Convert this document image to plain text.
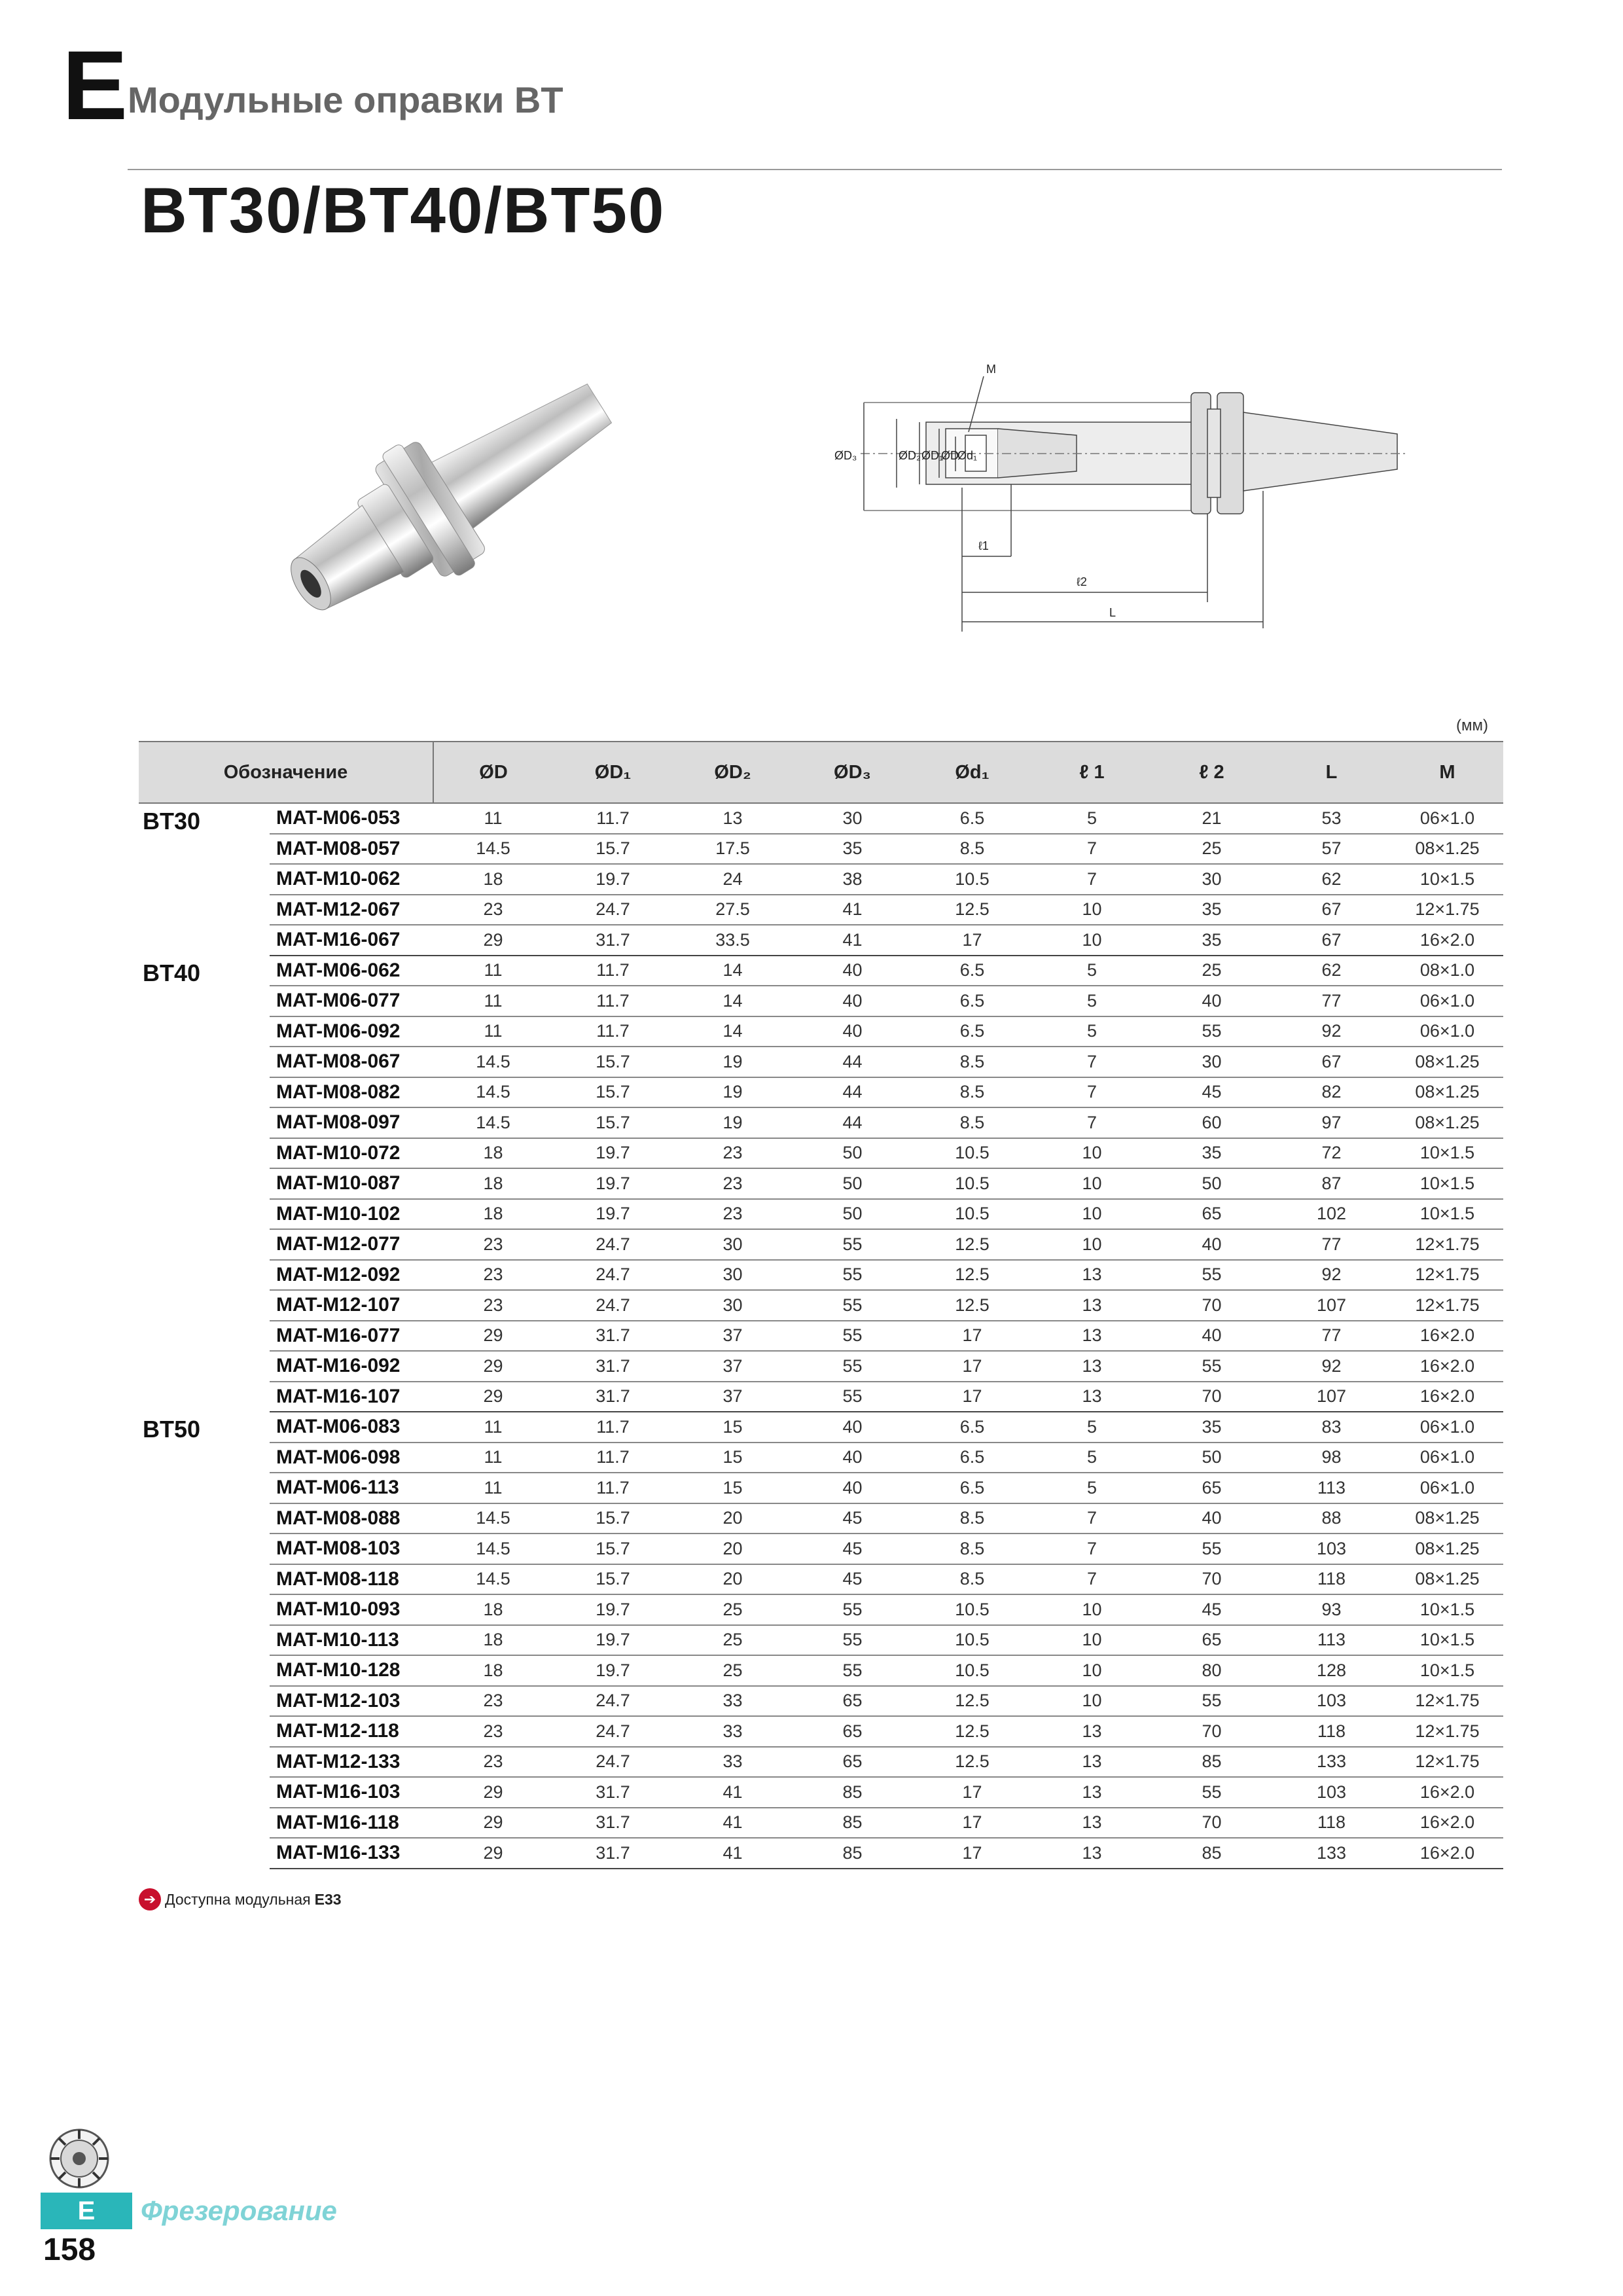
E Модульные оправки BT
BT30/BT40/BT50
ØD₃	ØD₂ ØD₁
ØD
Ød₁
M
ℓ1
ℓ2
L
(мм)
Обозначение		ØD	ØD₁	ØD₂	ØD₃	Ød₁	ℓ 1	ℓ 2	L	M

BT30	MAT-M06-053	11	11.7	13	30	6.5	5	21	53	06×1.0
	MAT-M08-057	14.5	15.7	17.5	35	8.5	7	25	57	08×1.25
	MAT-M10-062	18	19.7	24	38	10.5	7	30	62	10×1.5
	MAT-M12-067	23	24.7	27.5	41	12.5	10	35	67	12×1.75
	MAT-M16-067	29	31.7	33.5	41	17	10	35	67	16×2.0

BT40	MAT-M06-062	11	11.7	14	40	6.5	5	25	62	08×1.0
	MAT-M06-077	11	11.7	14	40	6.5	5	40	77	06×1.0
	MAT-M06-092	11	11.7	14	40	6.5	5	55	92	06×1.0
	MAT-M08-067	14.5	15.7	19	44	8.5	7	30	67	08×1.25
	MAT-M08-082	14.5	15.7	19	44	8.5	7	45	82	08×1.25
	MAT-M08-097	14.5	15.7	19	44	8.5	7	60	97	08×1.25
	MAT-M10-072	18	19.7	23	50	10.5	10	35	72	10×1.5
	MAT-M10-087	18	19.7	23	50	10.5	10	50	87	10×1.5
	MAT-M10-102	18	19.7	23	50	10.5	10	65	102	10×1.5
	MAT-M12-077	23	24.7	30	55	12.5	10	40	77	12×1.75
	MAT-M12-092	23	24.7	30	55	12.5	13	55	92	12×1.75
	MAT-M12-107	23	24.7	30	55	12.5	13	70	107	12×1.75
	MAT-M16-077	29	31.7	37	55	17	13	40	77	16×2.0
	MAT-M16-092	29	31.7	37	55	17	13	55	92	16×2.0
	MAT-M16-107	29	31.7	37	55	17	13	70	107	16×2.0

BT50	MAT-M06-083	11	11.7	15	40	6.5	5	35	83	06×1.0
	MAT-M06-098	11	11.7	15	40	6.5	5	50	98	06×1.0
	MAT-M06-113	11	11.7	15	40	6.5	5	65	113	06×1.0
	MAT-M08-088	14.5	15.7	20	45	8.5	7	40	88	08×1.25
	MAT-M08-103	14.5	15.7	20	45	8.5	7	55	103	08×1.25
	MAT-M08-118	14.5	15.7	20	45	8.5	7	70	118	08×1.25
	MAT-M10-093	18	19.7	25	55	10.5	10	45	93	10×1.5
	MAT-M10-113	18	19.7	25	55	10.5	10	65	113	10×1.5
	MAT-M10-128	18	19.7	25	55	10.5	10	80	128	10×1.5
	MAT-M12-103	23	24.7	33	65	12.5	10	55	103	12×1.75
	MAT-M12-118	23	24.7	33	65	12.5	13	70	118	12×1.75
	MAT-M12-133	23	24.7	33	65	12.5	13	85	133	12×1.75
	MAT-M16-103	29	31.7	41	85	17	13	55	103	16×2.0
	MAT-M16-118	29	31.7	41	85	17	13	70	118	16×2.0
	MAT-M16-133	29	31.7	41	85	17	13	85	133	16×2.0
➔ Доступна модульная E33
E	Фрезерование
158
